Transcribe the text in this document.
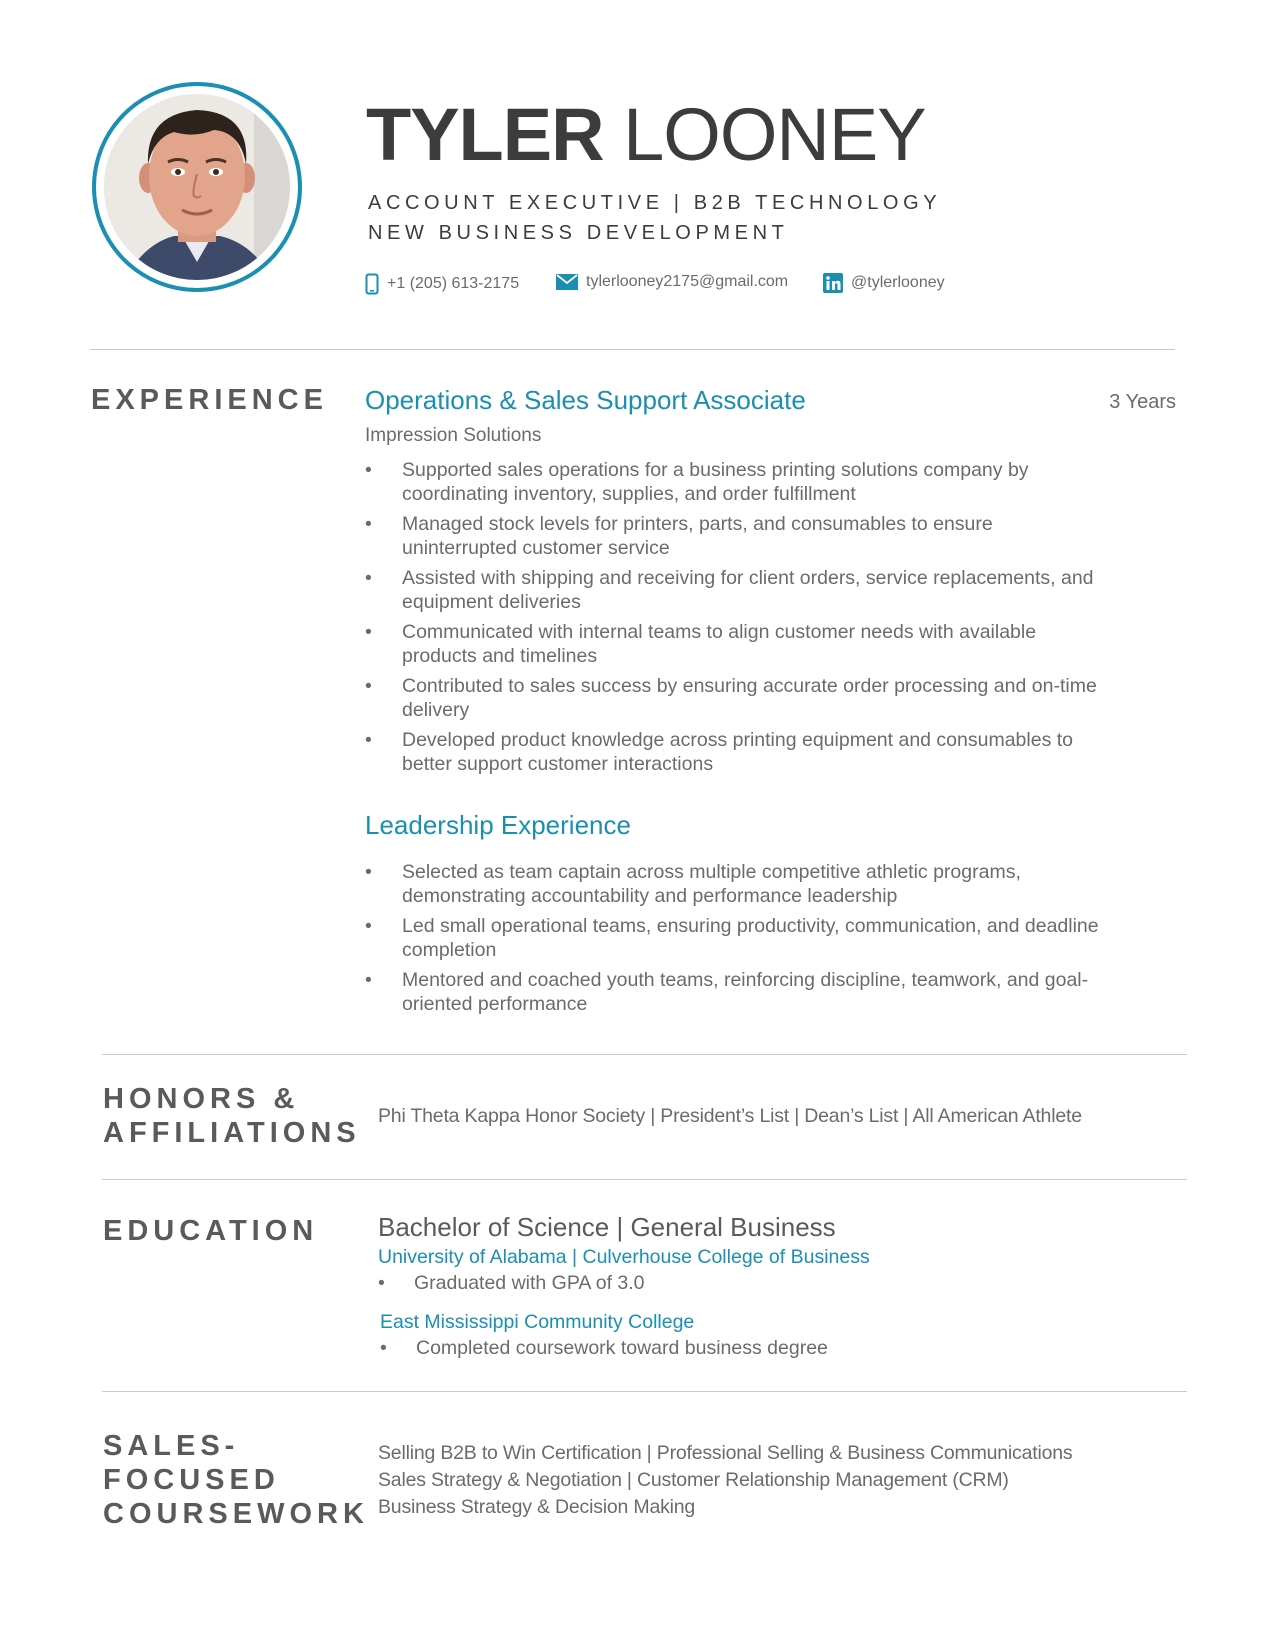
TYLER LOONEY
ACCOUNT EXECUTIVE | B2B TECHNOLOGY
NEW BUSINESS DEVELOPMENT
+1 (205) 613-2175	tylerlooney2175@gmail.com	@tylerlooney
EXPERIENCE Operations & Sales Support Associate	3 Years
Impression Solutions
• Supported sales operations for a business printing solutions company by coordinating inventory, supplies, and order fulfillment
• Managed stock levels for printers, parts, and consumables to ensure uninterrupted customer service
• Assisted with shipping and receiving for client orders, service replacements, and equipment deliveries
• Communicated with internal teams to align customer needs with available products and timelines
• Contributed to sales success by ensuring accurate order processing and on-time delivery
• Developed product knowledge across printing equipment and consumables to better support customer interactions
Leadership Experience
• Selected as team captain across multiple competitive athletic programs, demonstrating accountability and performance leadership
• Led small operational teams, ensuring productivity, communication, and deadline completion
• Mentored and coached youth teams, reinforcing discipline, teamwork, and goal-oriented performance
HONORS &
AFFILIATIONS
Phi Theta Kappa Honor Society | President’s List | Dean’s List | All American Athlete
EDUCATION Bachelor of Science | General Business
University of Alabama | Culverhouse College of Business
• Graduated with GPA of 3.0
East Mississippi Community College
• Completed coursework toward business degree
SALES-
FOCUSED
COURSEWORK
Selling B2B to Win Certification | Professional Selling & Business Communications
Sales Strategy & Negotiation | Customer Relationship Management (CRM)
Business Strategy & Decision Making
